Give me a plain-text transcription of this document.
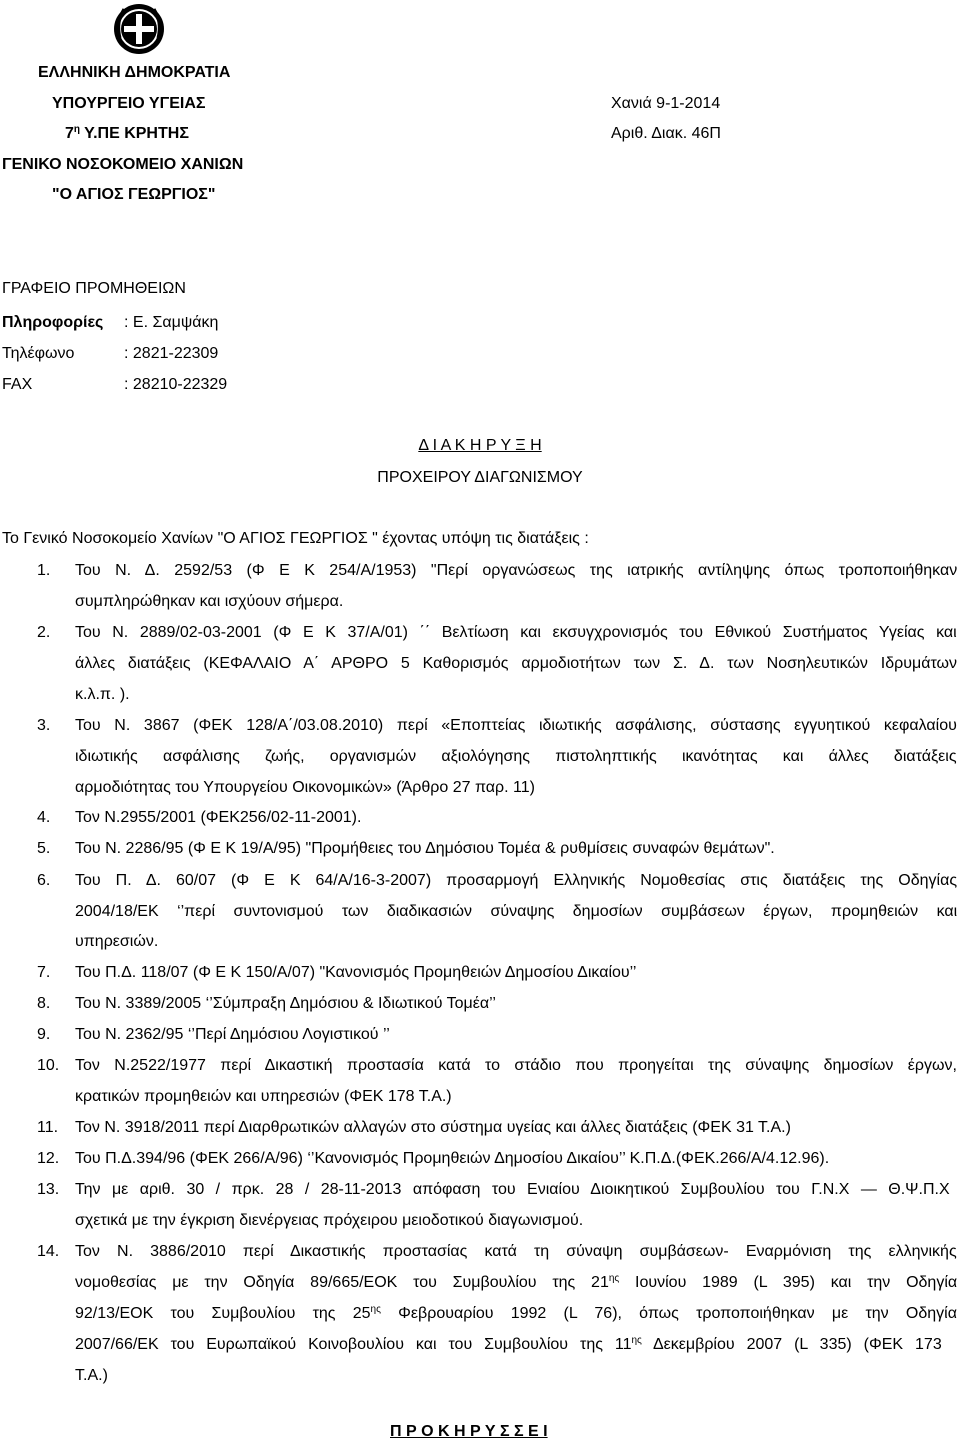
ΕΛΛΗΝΙΚΗ ΔΗΜΟΚΡΑΤΙΑ
ΥΠΟΥΡΓΕΙΟ ΥΓΕΙΑΣ
$7^\eta$ Υ.ΠΕ ΚΡΗΤΗΣ
ΓΕΝΙΚΟ ΝΟΣΟΚΟΜΕΙΟ ΧΑΝΙΩΝ
"Ο ΑΓΙΟΣ ΓΕΩΡΓΙΟΣ"
Χανιά 9-1-2014
Αριθ. Διακ. 46Π
ΓΡΑΦΕΙΟ ΠΡΟΜΗΘΕΙΩΝ
Πληροφορίες : Ε. Σαμψάκη
Τηλέφωνο	: 2821-22309
FAX	: 28210-22329
Δ Ι Α Κ Η Ρ Υ Ξ Η
ΠΡΟΧΕΙΡΟΥ ΔΙΑΓΩΝΙΣΜΟΥ
Το Γενικό Νοσοκομείο Χανίων "Ο ΑΓΙΟΣ ΓΕΩΡΓΙΟΣ " έχοντας υπόψη τις διατάξεις :
1.	Του Ν. Δ. 2592/53 (Φ Ε Κ 254/Α/1953) "Περί οργανώσεως της ιατρικής αντίληψης όπως τροποποιήθηκαν
συμπληρώθηκαν και ισχύουν σήμερα.
2.	Του Ν. 2889/02-03-2001 (Φ Ε Κ 37/Α/01) ΄΄ Βελτίωση και εκσυγχρονισμός του Εθνικού Συστήματος Υγείας και
άλλες διατάξεις (ΚΕΦΑΛΑΙΟ Α΄ ΑΡΘΡΟ 5 Καθορισμός αρμοδιοτήτων των Σ. Δ. των Νοσηλευτικών Ιδρυμάτων
κ.λ.π. ).
3.	Του Ν. 3867 (ΦΕΚ 128/Α΄/03.08.2010) περί «Εποπτείας ιδιωτικής ασφάλισης, σύστασης εγγυητικού κεφαλαίου
ιδιωτικής ασφάλισης ζωής, οργανισμών αξιολόγησης πιστοληπτικής ικανότητας και άλλες διατάξεις
αρμοδιότητας του Υπουργείου Οικονομικών» (Άρθρο 27 παρ. 11)
4.	Τον Ν.2955/2001 (ΦΕΚ256/02-11-2001).
5.	Του Ν. 2286/95 (Φ Ε Κ 19/Α/95) "Προμήθειες του Δημόσιου Τομέα & ρυθμίσεις συναφών θεμάτων".
6.	Του Π. Δ. 60/07 (Φ Ε Κ 64/Α/16-3-2007) προσαρμογή Ελληνικής Νομοθεσίας στις διατάξεις της Οδηγίας
2004/18/ΕΚ ‘’περί συντονισμού των διαδικασιών σύναψης δημοσίων συμβάσεων έργων, προμηθειών και
υπηρεσιών.
7.	Του Π.Δ. 118/07 (Φ Ε Κ 150/Α/07) "Κανονισμός Προμηθειών Δημοσίου Δικαίου’’
8.	Του Ν. 3389/2005 ‘’Σύμπραξη Δημόσιου & Ιδιωτικού Τομέα’’
9.	Του Ν. 2362/95 ‘’Περί Δημόσιου Λογιστικού ’’
10. Τον Ν.2522/1977 περί Δικαστική προστασία κατά το στάδιο που προηγείται της σύναψης δημοσίων έργων,
κρατικών προμηθειών και υπηρεσιών (ΦΕΚ 178 Τ.Α.)
11.	Τον Ν. 3918/2011 περί Διαρθρωτικών αλλαγών στο σύστημα υγείας και άλλες διατάξεις (ΦΕΚ 31 Τ.Α.)
12. Του Π.Δ.394/96 (ΦΕΚ 266/Α/96) ‘’Κανονισμός Προμηθειών Δημοσίου Δικαίου’’ Κ.Π.Δ.(ΦΕΚ.266/Α/4.12.96).
13. Την με αριθ. 30 / πρκ. 28 / 28-11-2013 απόφαση του Ενιαίου Διοικητικού Συμβουλίου του Γ.Ν.Χ — Θ.Ψ.Π.Χ
σχετικά με την έγκριση διενέργειας πρόχειρου μειοδοτικού διαγωνισμού.
14. Τον Ν. 3886/2010 περί Δικαστικής προστασίας κατά τη σύναψη συμβάσεων- Εναρμόνιση της ελληνικής
νομοθεσίας με την Οδηγία 89/665/ΕΟΚ του Συμβουλίου της $21^{\eta\varsigma}$ Ιουνίου 1989 (L 395) και την Οδηγία
92/13/ΕΟΚ του Συμβουλίου της $25^{\eta\varsigma}$ Φεβρουαρίου 1992 (L 76), όπως τροποποιήθηκαν με την Οδηγία
2007/66/ΕΚ του Ευρωπαϊκού Κοινοβουλίου και του Συμβουλίου της $11^{\eta\varsigma}$ Δεκεμβρίου 2007 (L 335) (ΦΕΚ 173
Τ.Α.)
Π Ρ Ο Κ Η Ρ Υ Σ Σ Ε Ι
